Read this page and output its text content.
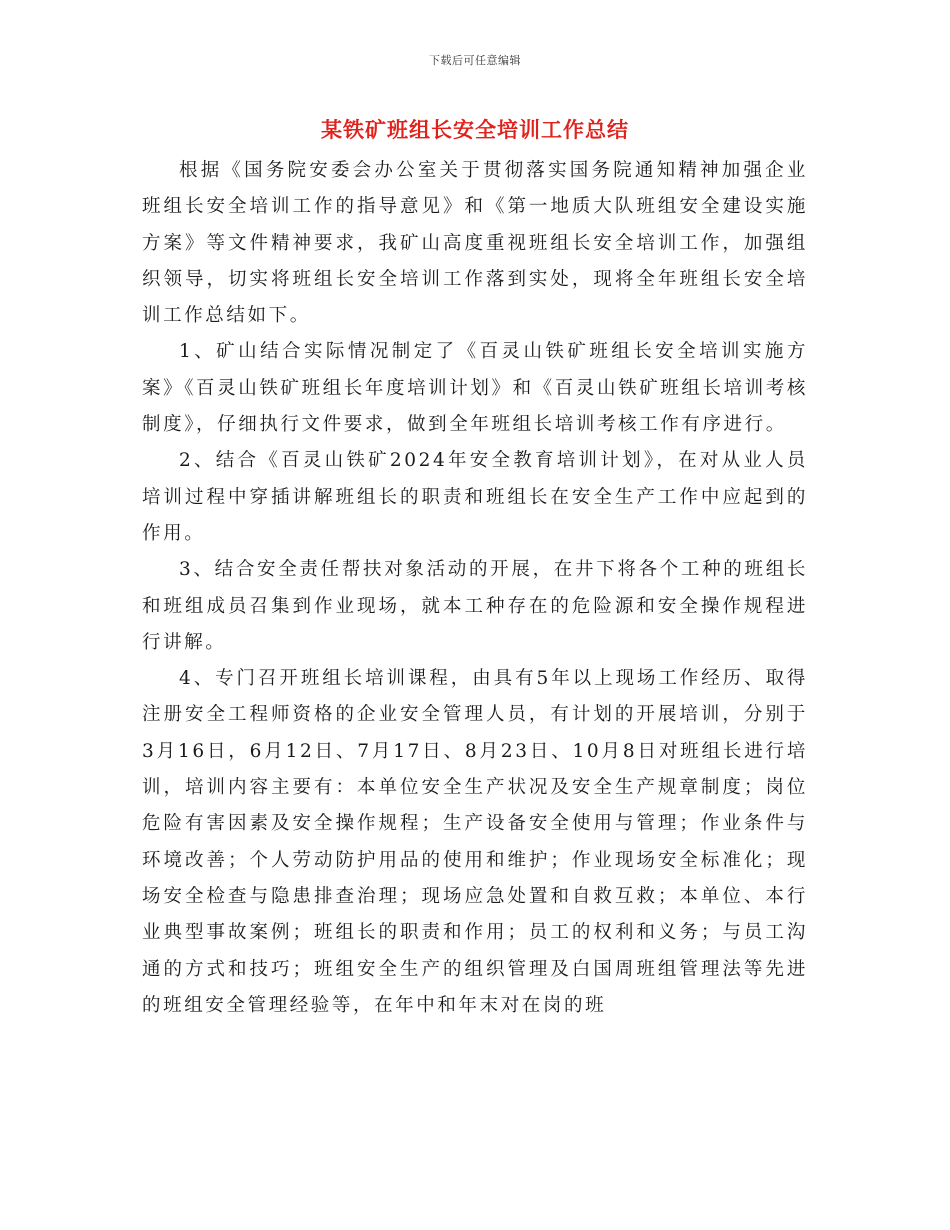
下载后可任意编辑
某铁矿班组长安全培训工作总结

根据《国务院安委会办公室关于贯彻落实国务院通知精神加强企业班组长安全培训工作的指导意见》和《第一地质大队班组安全建设实施方案》等文件精神要求，我矿山高度重视班组长安全培训工作，加强组织领导，切实将班组长安全培训工作落到实处，现将全年班组长安全培训工作总结如下。

1、矿山结合实际情况制定了《百灵山铁矿班组长安全培训实施方案》《百灵山铁矿班组长年度培训计划》和《百灵山铁矿班组长培训考核制度》，仔细执行文件要求，做到全年班组长培训考核工作有序进行。

2、结合《百灵山铁矿2024年安全教育培训计划》，在对从业人员培训过程中穿插讲解班组长的职责和班组长在安全生产工作中应起到的作用。

3、结合安全责任帮扶对象活动的开展，在井下将各个工种的班组长和班组成员召集到作业现场，就本工种存在的危险源和安全操作规程进行讲解。

4、专门召开班组长培训课程，由具有5年以上现场工作经历、取得注册安全工程师资格的企业安全管理人员，有计划的开展培训，分别于3月16日，6月12日、7月17日、8月23日、10月8日对班组长进行培训，培训内容主要有：本单位安全生产状况及安全生产规章制度；岗位危险有害因素及安全操作规程；生产设备安全使用与管理；作业条件与环境改善；个人劳动防护用品的使用和维护；作业现场安全标准化；现场安全检查与隐患排查治理；现场应急处置和自救互救；本单位、本行业典型事故案例；班组长的职责和作用；员工的权利和义务；与员工沟通的方式和技巧；班组安全生产的组织管理及白国周班组管理法等先进的班组安全管理经验等，在年中和年末对在岗的班
